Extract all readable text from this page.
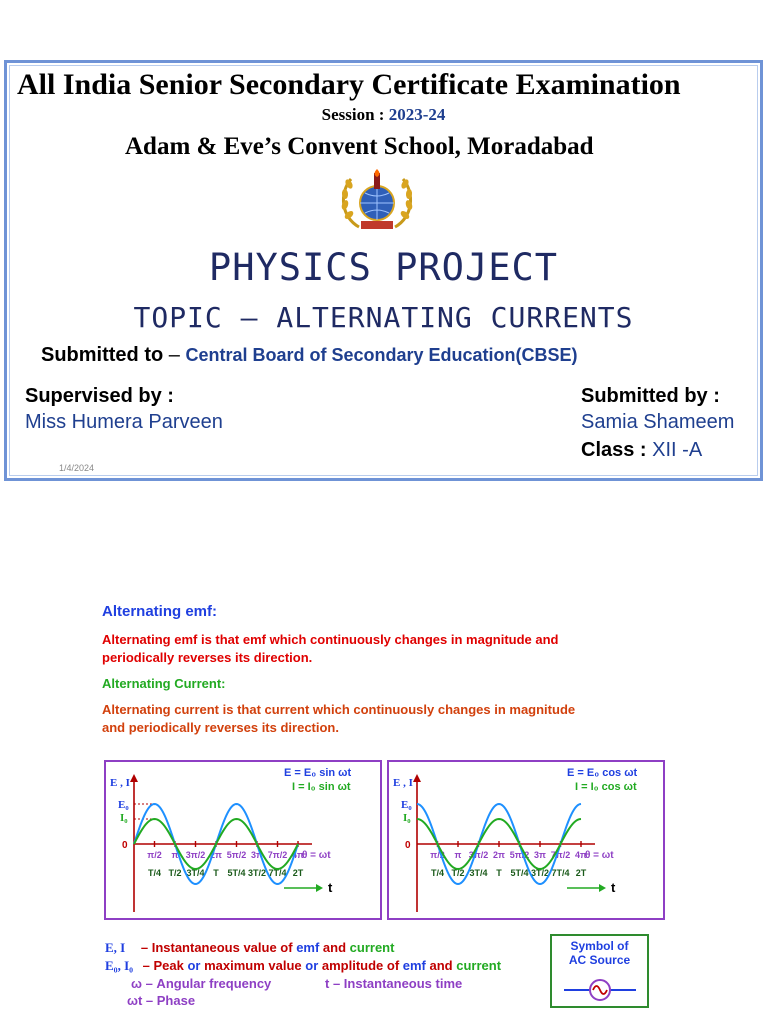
All India Senior Secondary Certificate Examination
Session : 2023-24
Adam & Eve’s Convent School, Moradabad
PHYSICS PROJECT
TOPIC – ALTERNATING CURRENTS
Submitted to – Central Board of Secondary Education(CBSE)
Supervised by :
Miss Humera Parveen
Submitted by :
Samia Shameem
Class : XII -A
1/4/2024
Alternating emf:
Alternating emf is that emf which continuously changes in magnitude and
periodically reverses its direction.
Alternating Current:
Alternating current is that current which continuously changes in magnitude
and periodically reverses its direction.
π/2 π 3π/2 2π 5π/2 3π 7π/2 4π
θ = ωt
T/4 T/2 3T/4 T 5T/4 3T/2 7T/4 2T
t
E , I
E₀
I₀
0
E = E₀ sin ωt
I = I₀ sin ωt
π/2 π 3π/2 2π 5π/2 3π 7π/2 4π
θ = ωt
T/4 T/2 3T/4 T 5T/4 3T/2 7T/4 2T
t
E , I
E₀
I₀
0
E = E₀ cos ωt
I = I₀ cos ωt
E, I – Instantaneous value of emf and current
E₀, I₀ – Peak or maximum value or amplitude of emf and current
ω – Angular frequency	t – Instantaneous time
ωt – Phase
Symbol of
AC Source
